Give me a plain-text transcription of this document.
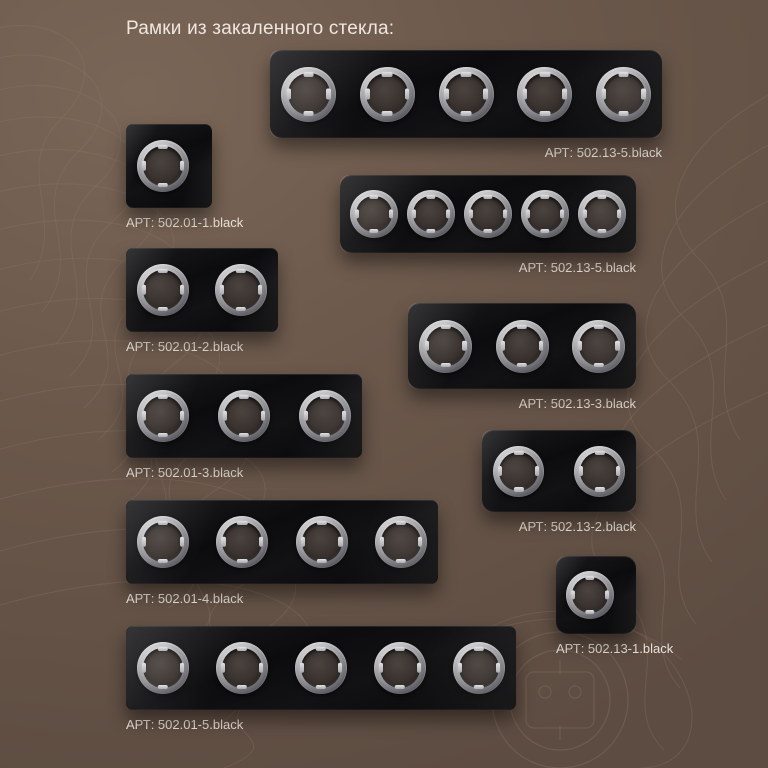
Рамки из закаленного стекла:
АРТ: 502.13-5.black
АРТ: 502.01-1.black
АРТ: 502.13-5.black
АРТ: 502.01-2.black
АРТ: 502.13-3.black
АРТ: 502.01-3.black
АРТ: 502.13-2.black
АРТ: 502.01-4.black
АРТ: 502.13-1.black
АРТ: 502.01-5.black
